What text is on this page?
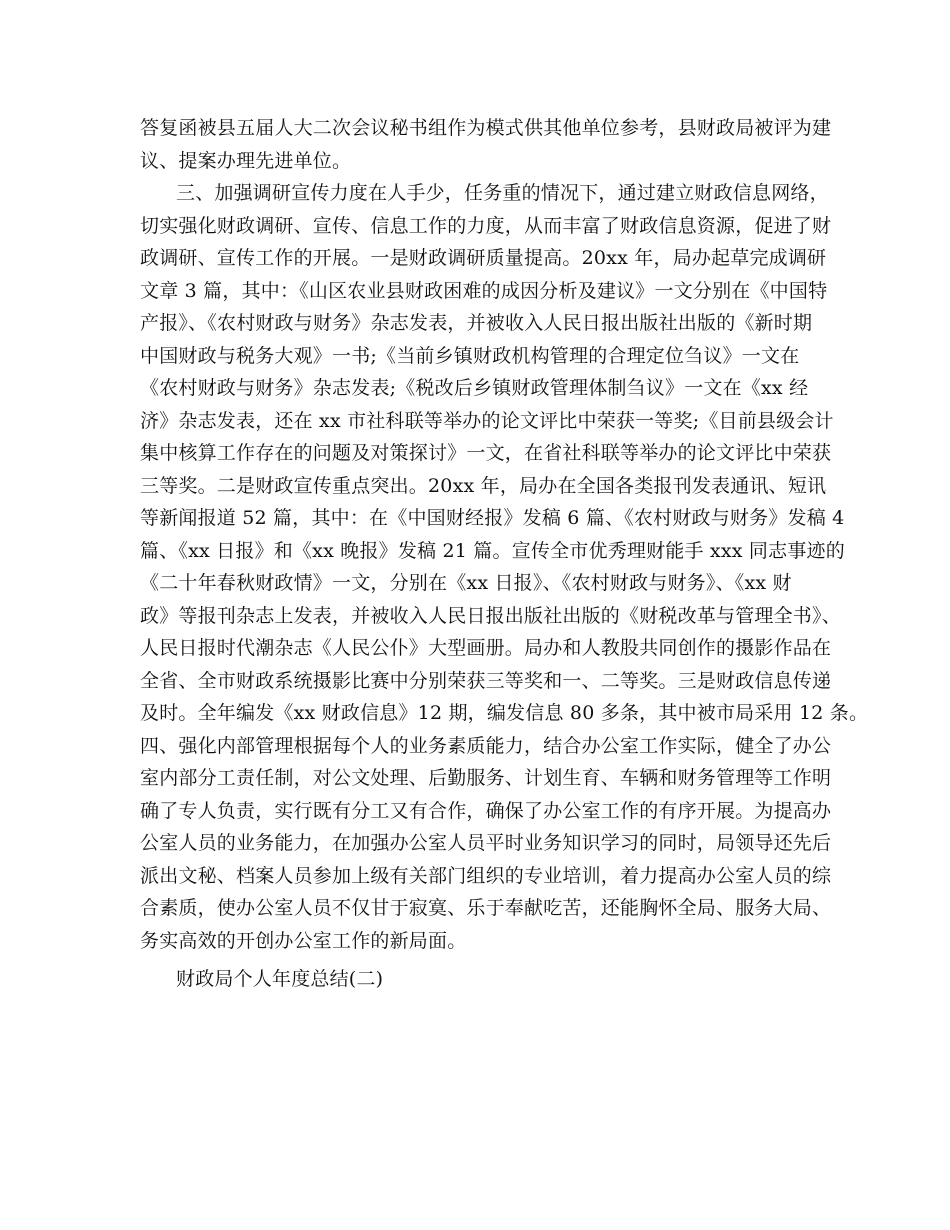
答复函被县五届人大二次会议秘书组作为模式供其他单位参考，县财政局被评为建
议、提案办理先进单位。
三、加强调研宣传力度在人手少，任务重的情况下，通过建立财政信息网络，
切实强化财政调研、宣传、信息工作的力度，从而丰富了财政信息资源，促进了财
政调研、宣传工作的开展。一是财政调研质量提高。20xx 年，局办起草完成调研
文章 3 篇，其中：《山区农业县财政困难的成因分析及建议》一文分别在《中国特
产报》、《农村财政与财务》杂志发表，并被收入人民日报出版社出版的《新时期
中国财政与税务大观》一书;《当前乡镇财政机构管理的合理定位刍议》一文在
《农村财政与财务》杂志发表;《税改后乡镇财政管理体制刍议》一文在《xx 经
济》杂志发表，还在 xx 市社科联等举办的论文评比中荣获一等奖;《目前县级会计
集中核算工作存在的问题及对策探讨》一文，在省社科联等举办的论文评比中荣获
三等奖。二是财政宣传重点突出。20xx 年，局办在全国各类报刊发表通讯、短讯
等新闻报道 52 篇，其中：在《中国财经报》发稿 6 篇、《农村财政与财务》发稿 4
篇、《xx 日报》和《xx 晚报》发稿 21 篇。宣传全市优秀理财能手 xxx 同志事迹的
《二十年春秋财政情》一文，分别在《xx 日报》、《农村财政与财务》、《xx 财
政》等报刊杂志上发表，并被收入人民日报出版社出版的《财税改革与管理全书》、
人民日报时代潮杂志《人民公仆》大型画册。局办和人教股共同创作的摄影作品在
全省、全市财政系统摄影比赛中分别荣获三等奖和一、二等奖。三是财政信息传递
及时。全年编发《xx 财政信息》12 期，编发信息 80 多条，其中被市局采用 12 条。
四、强化内部管理根据每个人的业务素质能力，结合办公室工作实际，健全了办公
室内部分工责任制，对公文处理、后勤服务、计划生育、车辆和财务管理等工作明
确了专人负责，实行既有分工又有合作，确保了办公室工作的有序开展。为提高办
公室人员的业务能力，在加强办公室人员平时业务知识学习的同时，局领导还先后
派出文秘、档案人员参加上级有关部门组织的专业培训，着力提高办公室人员的综
合素质，使办公室人员不仅甘于寂寞、乐于奉献吃苦，还能胸怀全局、服务大局、
务实高效的开创办公室工作的新局面。
财政局个人年度总结(二)
